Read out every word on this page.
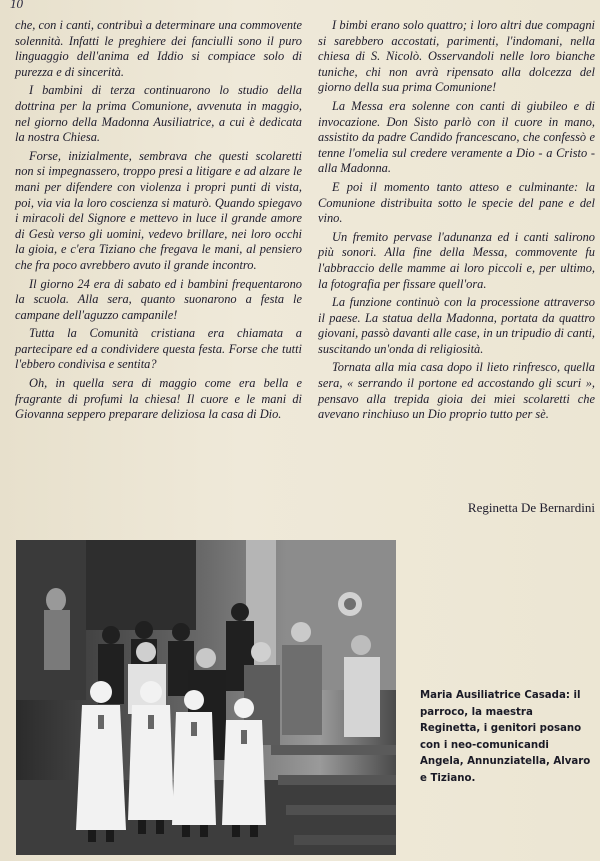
10

che, con i canti, contribuì a determinare una commovente solennità. Infatti le preghiere dei fanciulli sono il puro linguaggio dell'anima ed Iddio si compiace solo di purezza e di sincerità.

I bambini di terza continuarono lo studio della dottrina per la prima Comunione, avvenuta in maggio, nel giorno della Madonna Ausiliatrice, a cui è dedicata la nostra Chiesa.

Forse, inizialmente, sembrava che questi scolaretti non si impegnassero, troppo presi a litigare e ad alzare le mani per difendere con violenza i propri punti di vista, poi, via via la loro coscienza si maturò. Quando spiegavo i miracoli del Signore e mettevo in luce il grande amore di Gesù verso gli uomini, vedevo brillare, nei loro occhi la gioia, e c'era Tiziano che fregava le mani, al pensiero che fra poco avrebbero avuto il grande incontro.

Il giorno 24 era di sabato ed i bambini frequentarono la scuola. Alla sera, quanto suonarono a festa le campane dell'aguzzo campanile!

Tutta la Comunità cristiana era chiamata a partecipare ed a condividere questa festa. Forse che tutti l'ebbero condivisa e sentita?

Oh, in quella sera di maggio come era bella e fragrante di profumi la chiesa! Il cuore e le mani di Giovanna seppero preparare deliziosa la casa di Dio.

I bimbi erano solo quattro; i loro altri due compagni si sarebbero accostati, parimenti, l'indomani, nella chiesa di S. Nicolò. Osservandoli nelle loro bianche tuniche, chi non avrà ripensato alla dolcezza del giorno della sua prima Comunione!

La Messa era solenne con canti di giubileo e di invocazione. Don Sisto parlò con il cuore in mano, assistito da padre Candido francescano, che confessò e tenne l'omelia sul credere veramente a Dio - a Cristo - alla Madonna.

E poi il momento tanto atteso e culminante: la Comunione distribuita sotto le specie del pane e del vino.

Un fremito pervase l'adunanza ed i canti salirono più sonori. Alla fine della Messa, commovente fu l'abbraccio delle mamme ai loro piccoli e, per ultimo, la fotografia per fissare quell'ora.

La funzione continuò con la processione attraverso il paese. La statua della Madonna, portata da quattro giovani, passò davanti alle case, in un tripudio di canti, suscitando un'onda di religiosità.

Tornata alla mia casa dopo il lieto rinfresco, quella sera, « serrando il portone ed accostando gli scuri », pensavo alla trepida gioia dei miei scolaretti che avevano rinchiuso un Dio proprio tutto per sè.

Reginetta De Bernardini
Maria Ausiliatrice Casada: il parroco, la maestra Reginetta, i genitori posano con i neo-comunicandi Angela, Annunziatella, Alvaro e Tiziano.
